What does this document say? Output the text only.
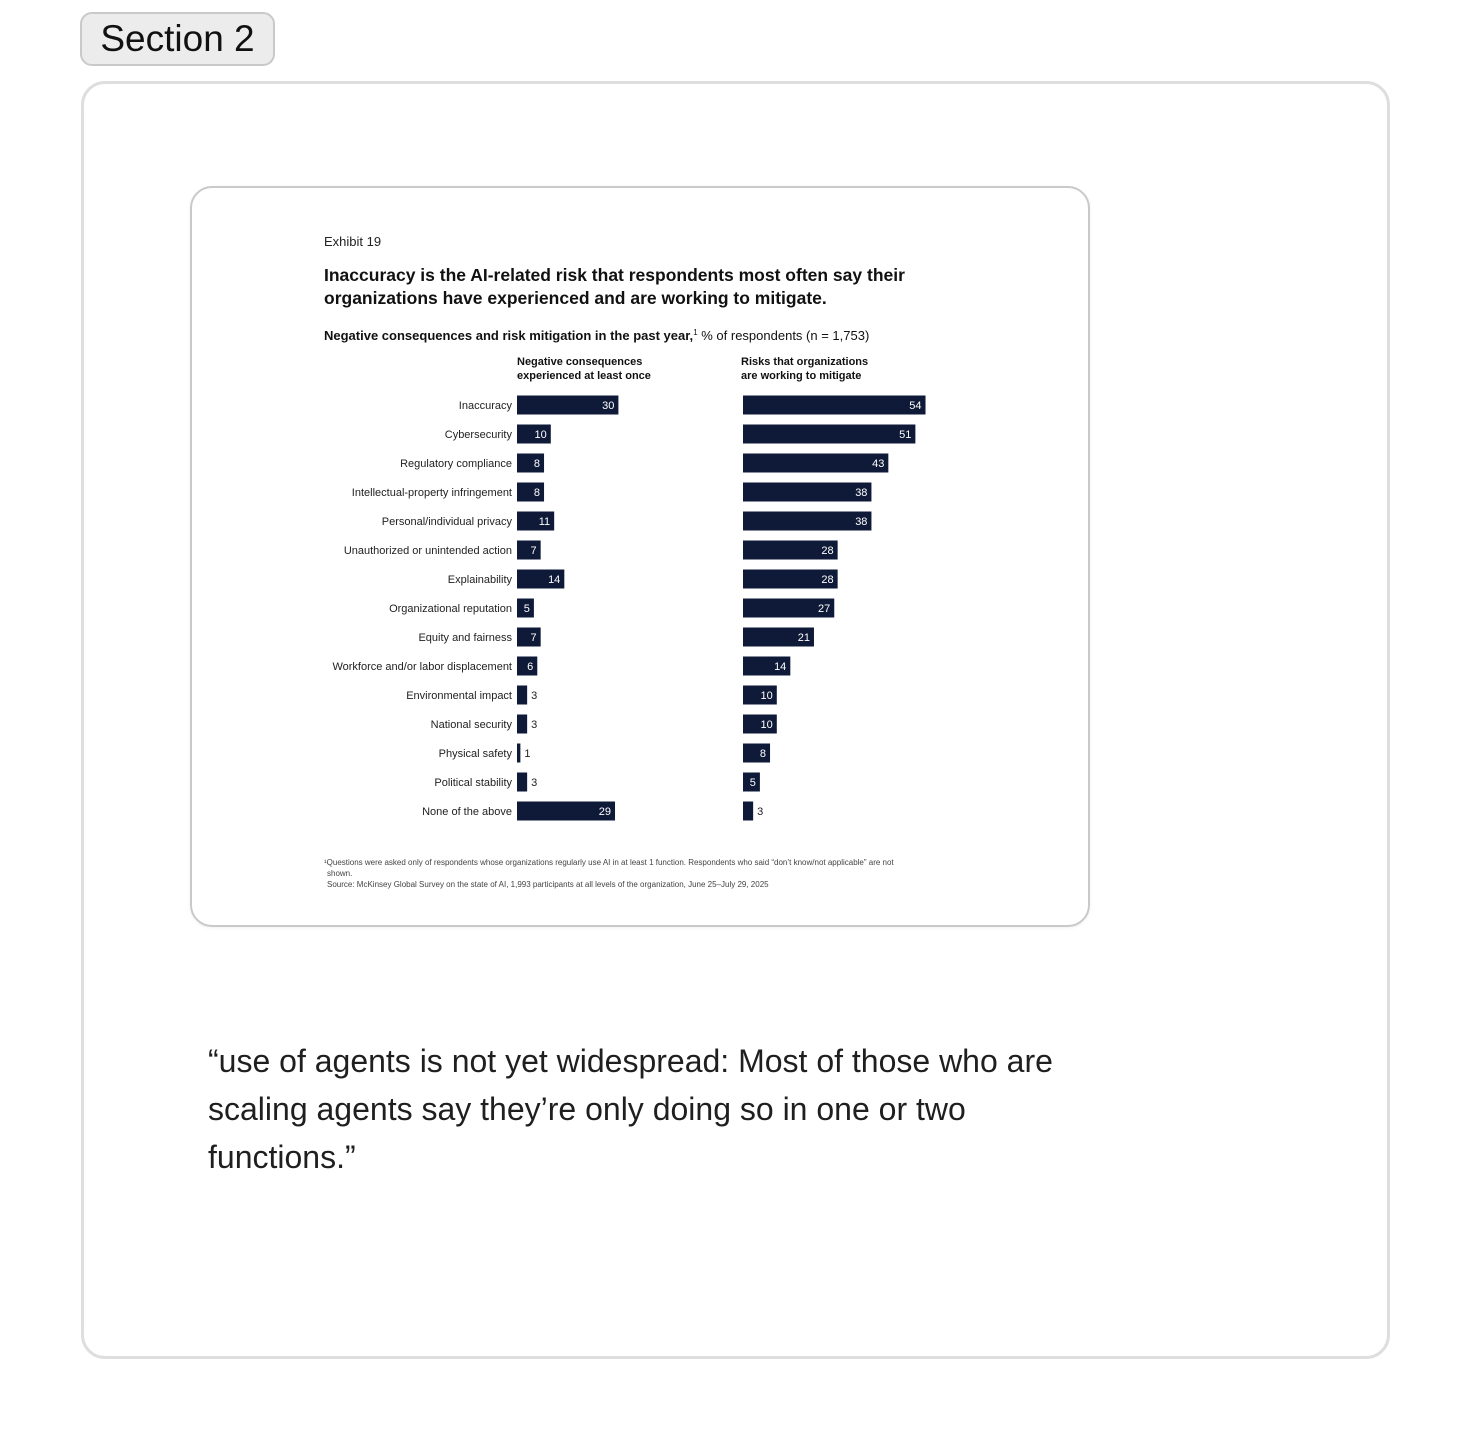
Section 2
Exhibit 19
Inaccuracy is the AI-related risk that respondents most often say their
organizations have experienced and are working to mitigate.
Negative consequences and risk mitigation in the past year,$^1$ % of respondents (n = 1,753)
Negative consequences
experienced at least once
Risks that organizations
are working to mitigate
Inaccuracy	30	54
Cybersecurity 10	51
Regulatory compliance 8	43
Intellectual-property infringement 8	38
Personal/individual privacy 11	38
Unauthorized or unintended action 7	28
Explainability	14	28
Organizational reputation 5	27
Equity and fairness 7	21
Workforce and/or labor displacement 6	14
Environmental impact 3	10
National security 3	10
Physical safety 1	8
Political stability 3	5
None of the above	29	3
¹Questions were asked only of respondents whose organizations regularly use AI in at least 1 function. Respondents who said “don’t know/not applicable” are not
shown.
Source: McKinsey Global Survey on the state of AI, 1,993 participants at all levels of the organization, June 25–July 29, 2025
“use of agents is not yet widespread: Most of those who are scaling agents say they’re only doing so in one or two functions.”
